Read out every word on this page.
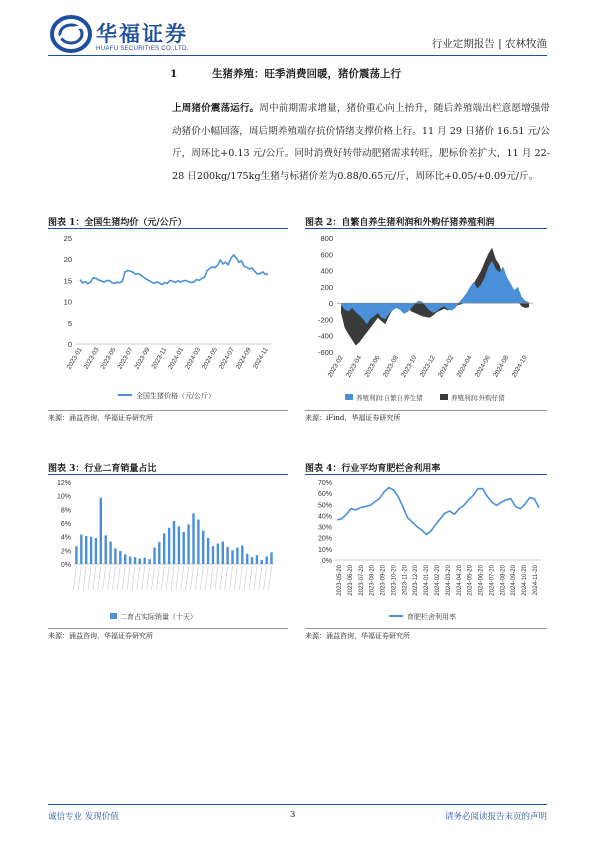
华福证券
HUAFU SECURITIES CO.,LTD.	行业定期报告 | 农林牧渔
1	生猪养殖：旺季消费回暖，猪价震荡上行
上周猪价震荡运行。周中前期需求增量，猪价重心向上抬升，随后养殖端出栏意愿增强带动猪价小幅回落，周后期养殖端存抗价情绪支撑价格上行。11 月 29 日猪价 16.51 元/公斤，周环比+0.13 元/公斤。同时消费好转带动肥猪需求转旺，肥标价差扩大，11 月 22-28 日200kg/175kg生猪与标猪价差为0.88/0.65元/斤，周环比+0.05/+0.09元/斤。
图表 1：全国生猪均价（元/公斤）
0
5
10
15
20
25
2023-01
2023-03
2023-05
2023-07
2023-09 2023-11
2024-01
2024-03
2024-05
2024-07
2024-09 2024-11
全国生猪价格（元/公斤）
来源：涌益咨询，华福证券研究所
图表 2：自繁自养生猪利润和外购仔猪养殖利润
800
600
400
200
0
-200
-400
-600
2023-02 2023-04 2023-06 2023-08 2023-10 2023-12 2024-02 2024-04 2024-06 2024-08 2024-10
养殖利润:自繁自养生猪	养殖利润:外购仔猪
来源：iFind，华福证券研究所
图表 3：行业二育销量占比
0%
2%
4%
6%
8%
10%
12%
二育占实际销量（十天）
来源：涌益咨询，华福证券研究所
图表 4：行业平均育肥栏舍利用率
0%
10%
20%
30%
40%
50%
60%
70%
2023-05-20 2023-06-20 2023-07-20 2023-08-20 2023-09-20 2023-10-20 2023-11-20 2023-12-20 2024-01-20 2024-02-20 2024-03-20 2024-04-20 2024-05-20 2024-06-20 2024-07-20 2024-08-20 2024-09-20 2024-10-20 2024-11-20
育肥栏舍利用率
来源：涌益咨询，华福证券研究所
诚信专业 发现价值	3	请务必阅读报告末页的声明
